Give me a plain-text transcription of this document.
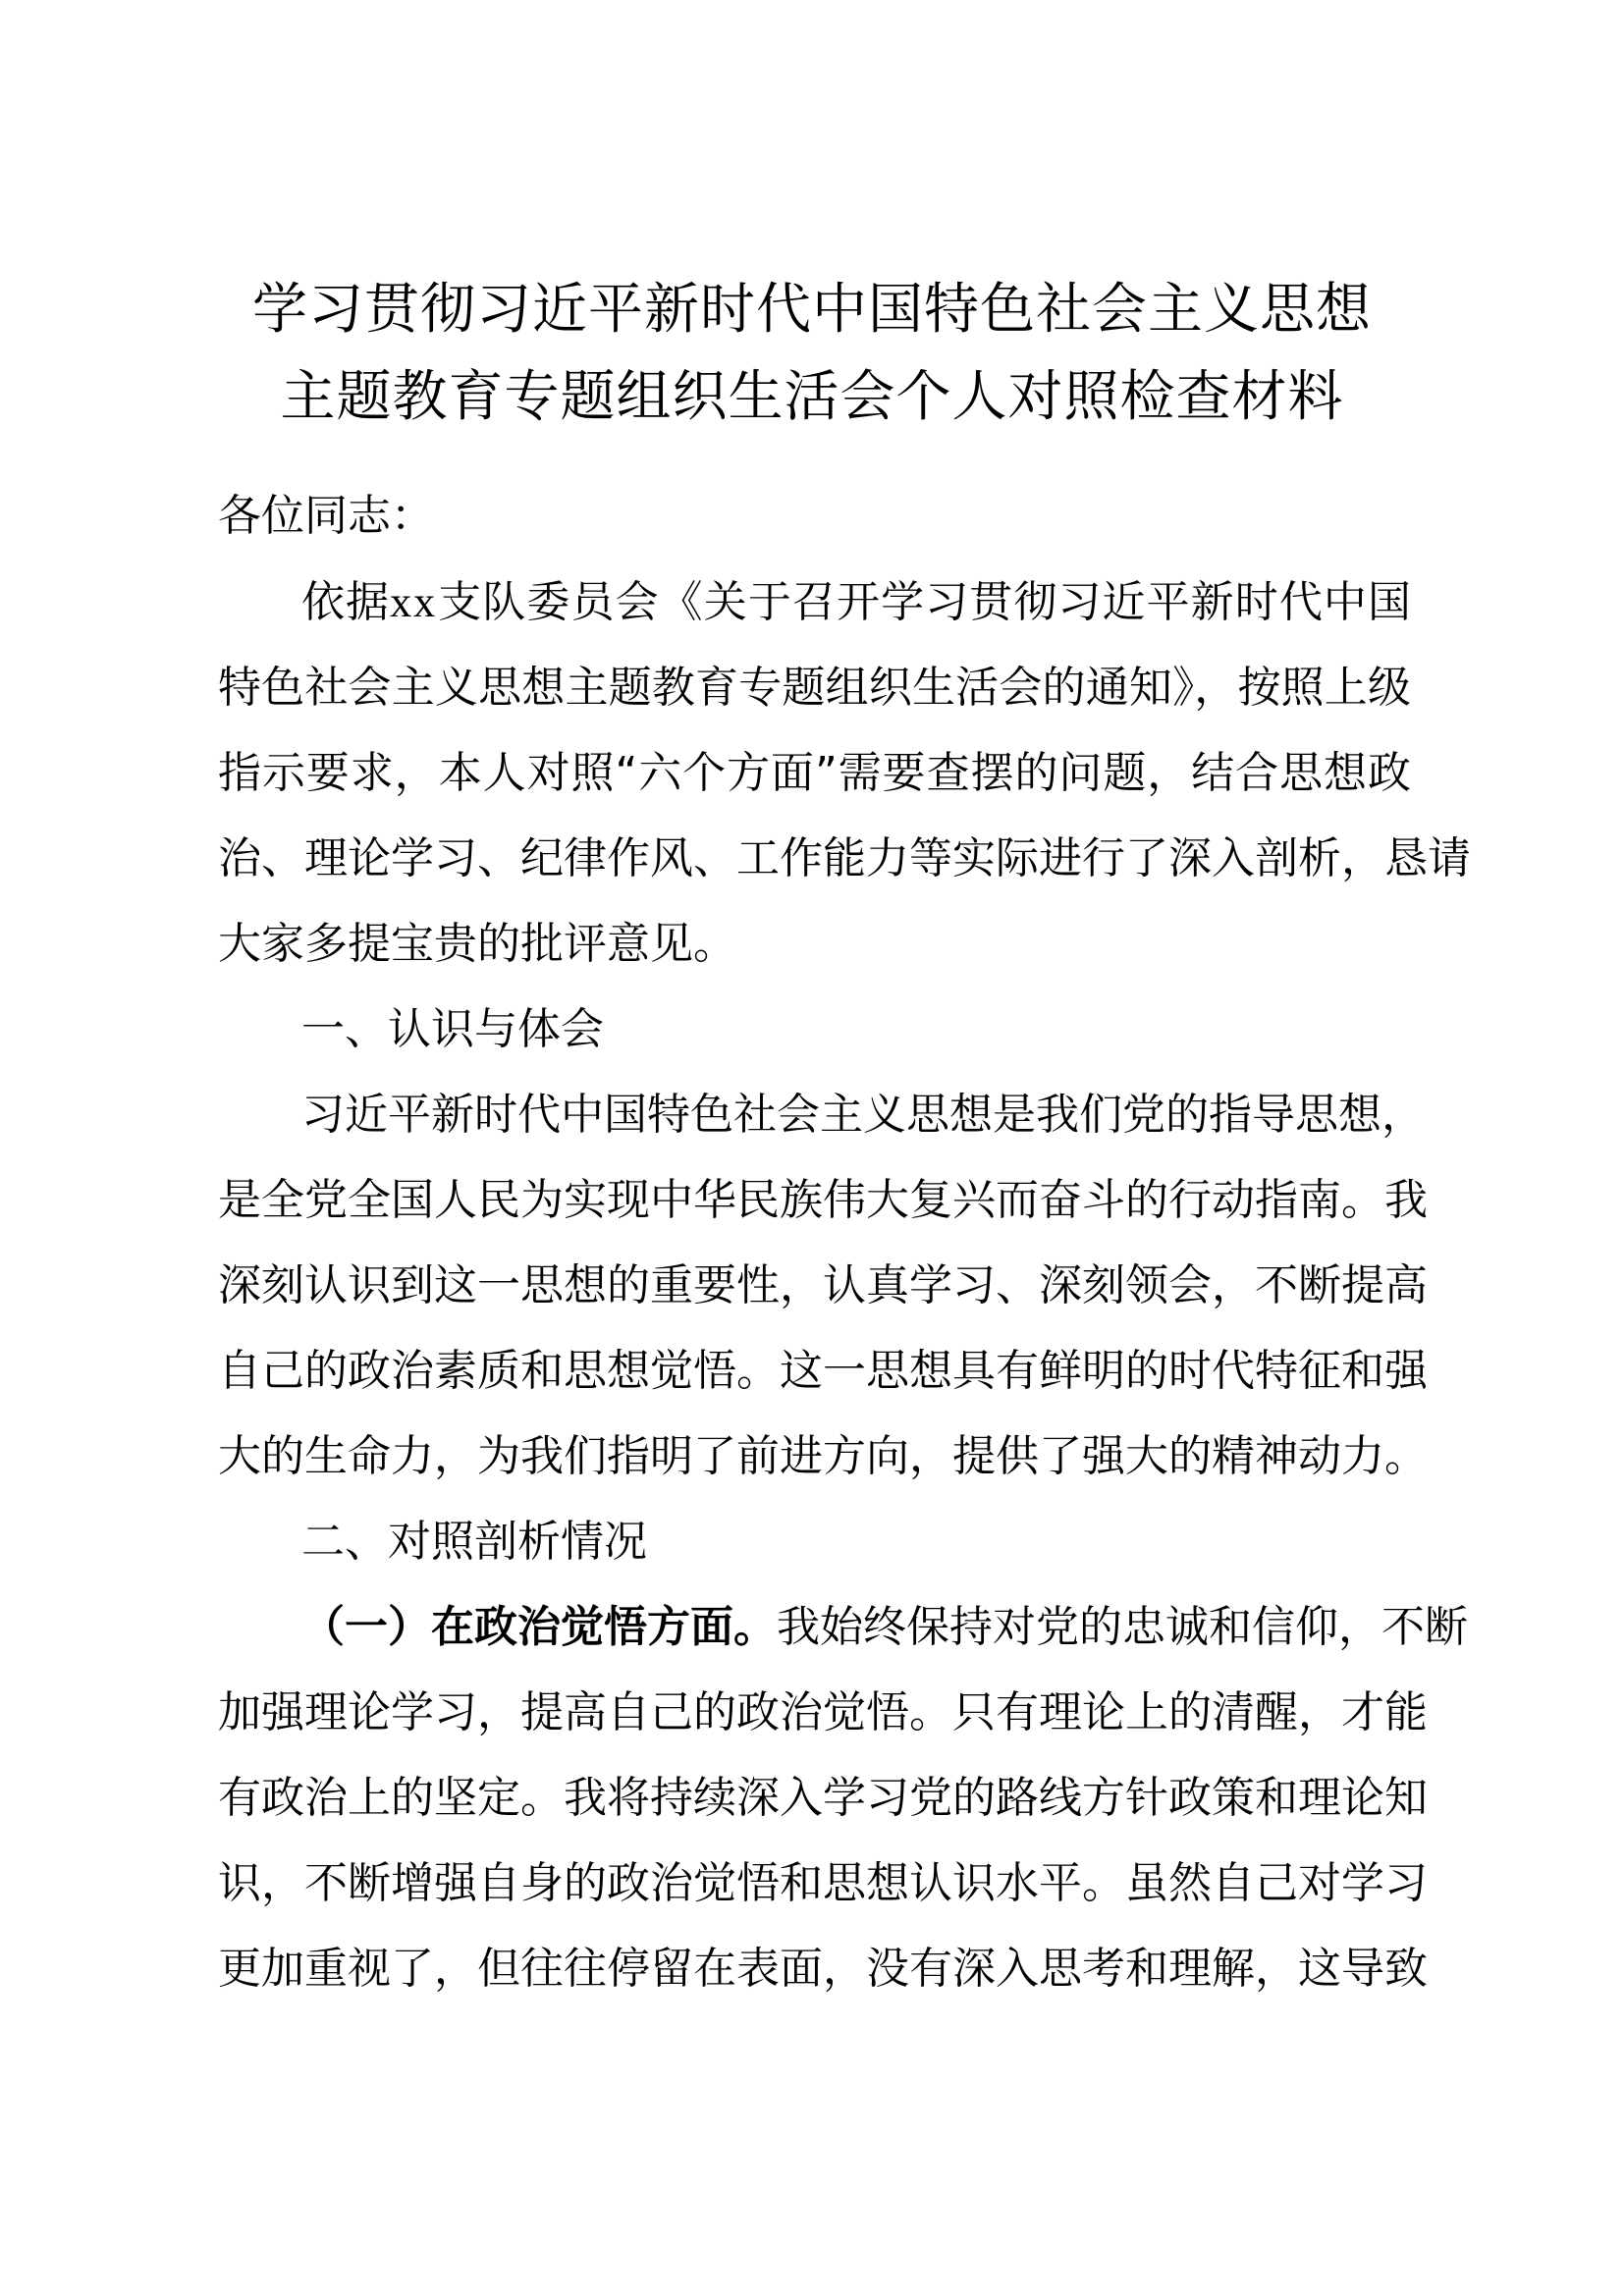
学习贯彻习近平新时代中国特色社会主义思想
主题教育专题组织生活会个人对照检查材料
各位同志：
依据xx支队委员会《关于召开学习贯彻习近平新时代中国
特色社会主义思想主题教育专题组织生活会的通知》，按照上级
指示要求，本人对照“六个方面”需要查摆的问题，结合思想政
治、理论学习、纪律作风、工作能力等实际进行了深入剖析，恳请
大家多提宝贵的批评意见。
一、认识与体会
习近平新时代中国特色社会主义思想是我们党的指导思想，
是全党全国人民为实现中华民族伟大复兴而奋斗的行动指南。我
深刻认识到这一思想的重要性，认真学习、深刻领会，不断提高
自己的政治素质和思想觉悟。这一思想具有鲜明的时代特征和强
大的生命力，为我们指明了前进方向，提供了强大的精神动力。
二、对照剖析情况
（一）在政治觉悟方面。我始终保持对党的忠诚和信仰，不断
加强理论学习，提高自己的政治觉悟。只有理论上的清醒，才能
有政治上的坚定。我将持续深入学习党的路线方针政策和理论知
识，不断增强自身的政治觉悟和思想认识水平。虽然自己对学习
更加重视了，但往往停留在表面，没有深入思考和理解，这导致
